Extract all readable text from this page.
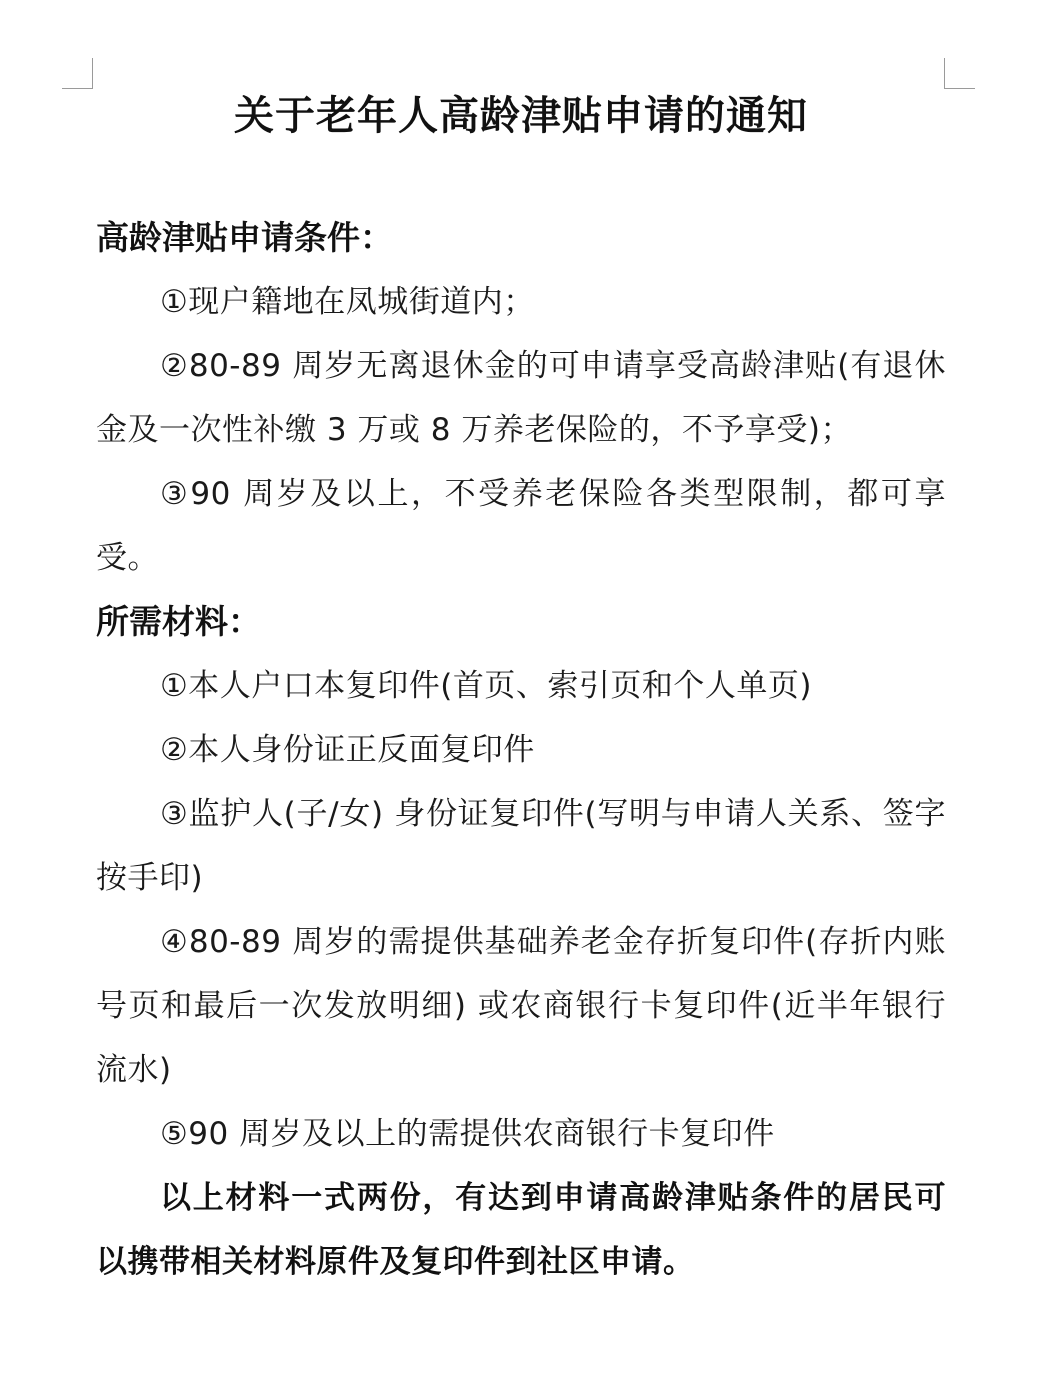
关于老年人高龄津贴申请的通知

高龄津贴申请条件：

①现户籍地在凤城街道内；

②80-89 周岁无离退休金的可申请享受高龄津贴(有退休金及一次性补缴 3 万或 8 万养老保险的，不予享受)；

③90 周岁及以上，不受养老保险各类型限制，都可享受。

所需材料：

①本人户口本复印件(首页、索引页和个人单页)

②本人身份证正反面复印件

③监护人(子/女) 身份证复印件(写明与申请人关系、签字按手印)

④80-89 周岁的需提供基础养老金存折复印件(存折内账号页和最后一次发放明细) 或农商银行卡复印件(近半年银行流水)

⑤90 周岁及以上的需提供农商银行卡复印件

以上材料一式两份，有达到申请高龄津贴条件的居民可以携带相关材料原件及复印件到社区申请。
